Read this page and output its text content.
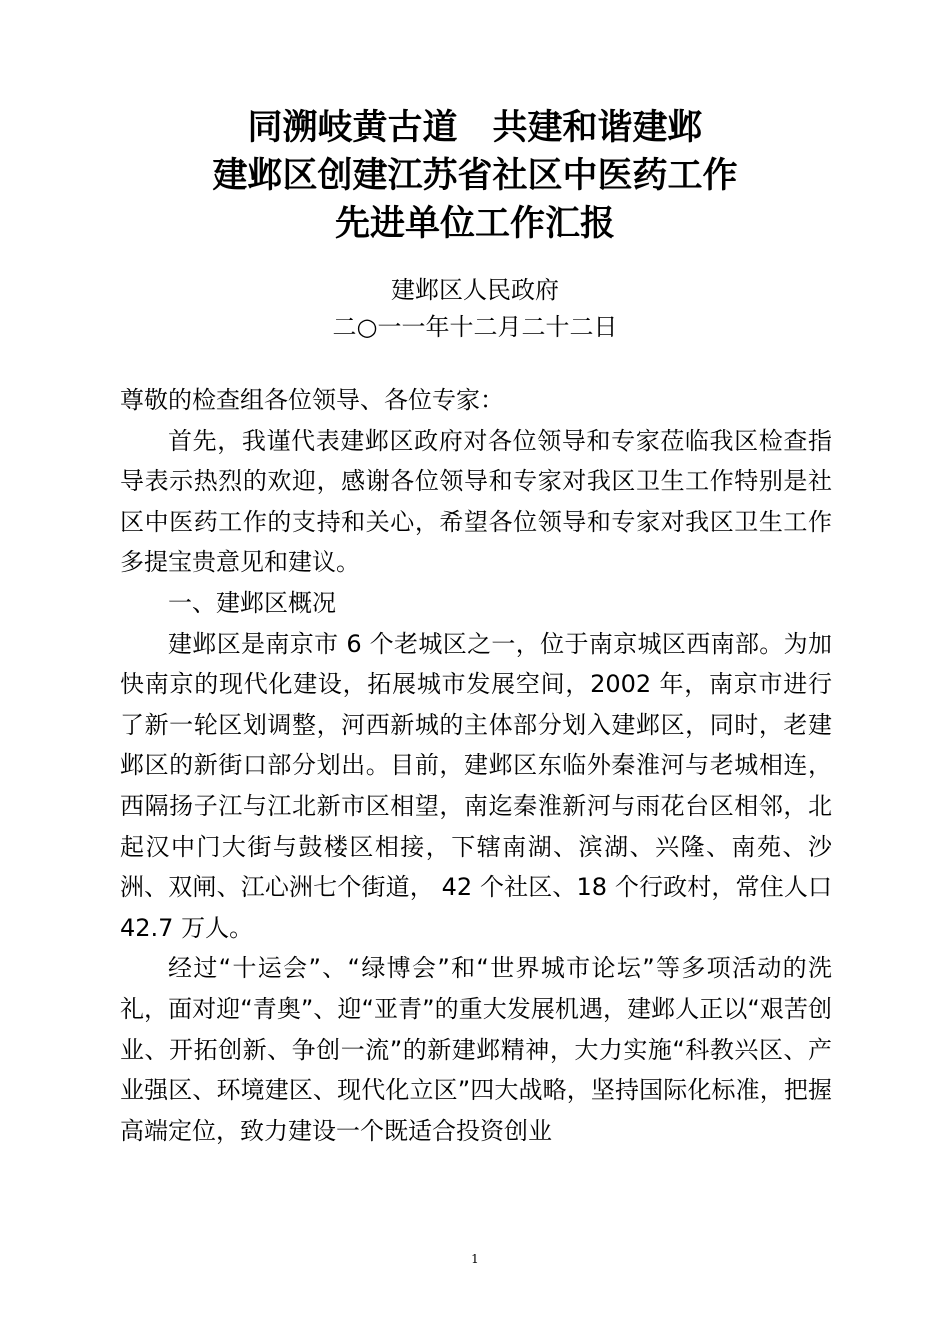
同溯岐黄古道　共建和谐建邺
建邺区创建江苏省社区中医药工作
先进单位工作汇报
建邺区人民政府
二○一一年十二月二十二日

尊敬的检查组各位领导、各位专家：

首先，我谨代表建邺区政府对各位领导和专家莅临我区检查指导表示热烈的欢迎，感谢各位领导和专家对我区卫生工作特别是社区中医药工作的支持和关心，希望各位领导和专家对我区卫生工作多提宝贵意见和建议。

一、建邺区概况

建邺区是南京市 6 个老城区之一，位于南京城区西南部。为加快南京的现代化建设，拓展城市发展空间，2002 年，南京市进行了新一轮区划调整，河西新城的主体部分划入建邺区，同时，老建邺区的新街口部分划出。目前，建邺区东临外秦淮河与老城相连，西隔扬子江与江北新市区相望，南迄秦淮新河与雨花台区相邻，北起汉中门大街与鼓楼区相接，下辖南湖、滨湖、兴隆、南苑、沙洲、双闸、江心洲七个街道， 42 个社区、18 个行政村，常住人口 42.7 万人。

经过“十运会”、“绿博会”和“世界城市论坛”等多项活动的洗礼，面对迎“青奥”、迎“亚青”的重大发展机遇，建邺人正以“艰苦创业、开拓创新、争创一流”的新建邺精神，大力实施“科教兴区、产业强区、环境建区、现代化立区”四大战略，坚持国际化标准，把握高端定位，致力建设一个既适合投资创业

1
